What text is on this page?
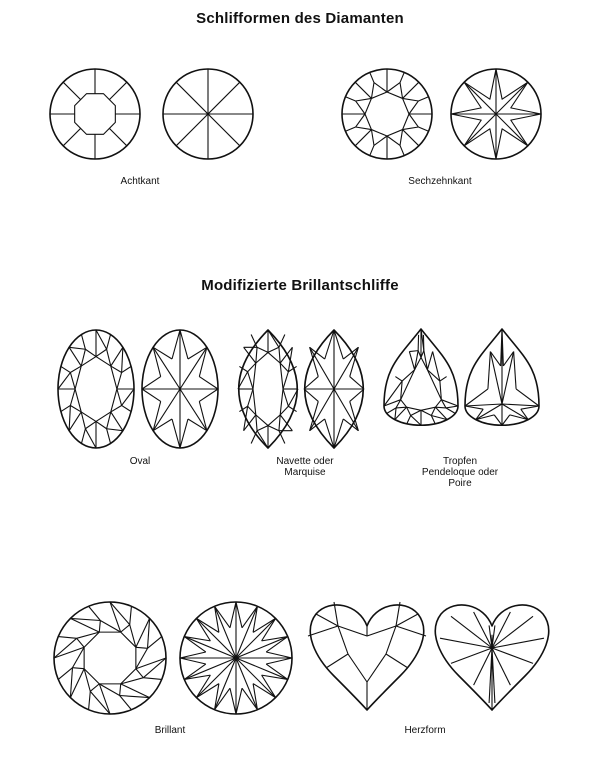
Schlifformen des Diamanten
Modifizierte Brillantschliffe
Achtkant	Sechzehnkant
Oval	Navette oder
Marquise
Tropfen
Pendeloque oder
Poire
Brillant	Herzform
